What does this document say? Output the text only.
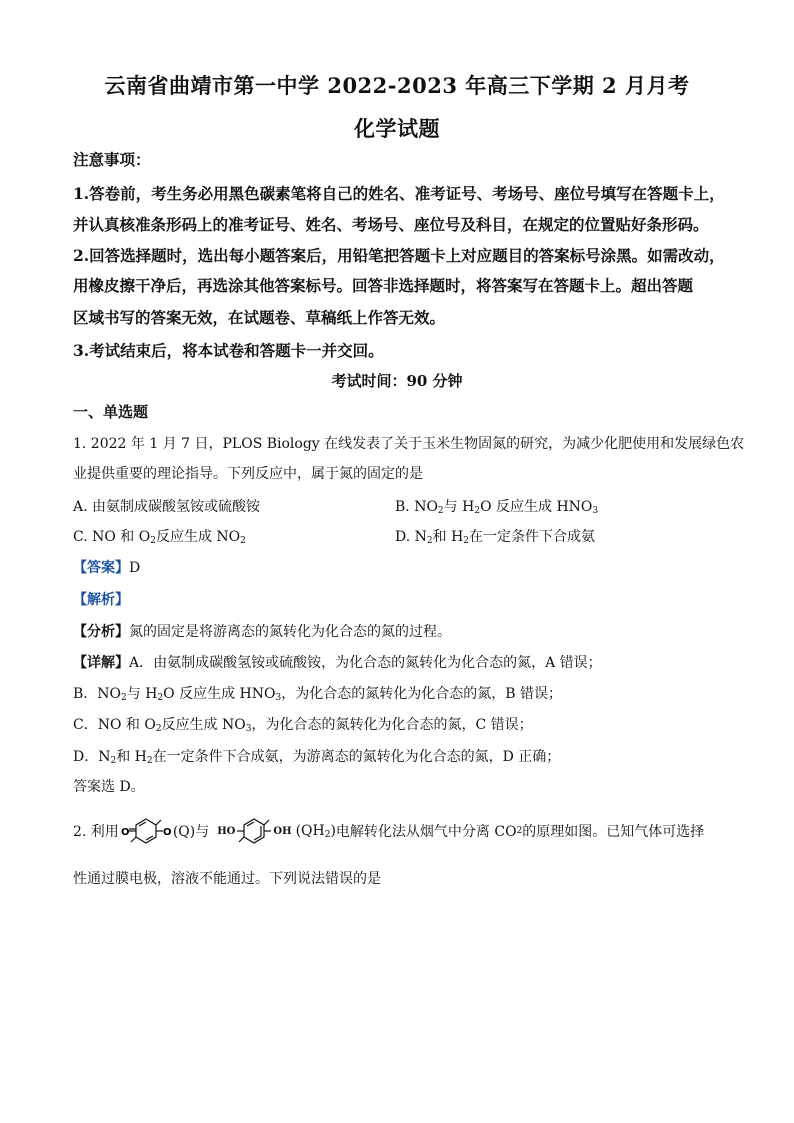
云南省曲靖市第一中学 2022-2023 年高三下学期 2 月月考
化学试题
注意事项：
1.答卷前，考生务必用黑色碳素笔将自己的姓名、准考证号、考场号、座位号填写在答题卡上，
并认真核准条形码上的准考证号、姓名、考场号、座位号及科目，在规定的位置贴好条形码。
2.回答选择题时，选出每小题答案后，用铅笔把答题卡上对应题目的答案标号涂黑。如需改动，
用橡皮擦干净后，再选涂其他答案标号。回答非选择题时，将答案写在答题卡上。超出答题
区域书写的答案无效，在试题卷、草稿纸上作答无效。
3.考试结束后，将本试卷和答题卡一并交回。
考试时间：90 分钟
一、单选题
1. 2022 年 1 月 7 日，PLOS Biology 在线发表了关于玉米生物固氮的研究，为减少化肥使用和发展绿色农
业提供重要的理论指导。下列反应中，属于氮的固定的是
A. 由氨制成碳酸氢铵或硫酸铵	B. $NO_2$与 $H_2O$ 反应生成 $HNO_3$
C. NO 和 $O_2$反应生成 $NO_2$	D. $N_2$和 $H_2$在一定条件下合成氨
【答案】D
【解析】
【分析】氮的固定是将游离态的氮转化为化合态的氮的过程。
【详解】A．由氨制成碳酸氢铵或硫酸铵，为化合态的氮转化为化合态的氮，A 错误；
B．$NO_2$与 $H_2O$ 反应生成 $HNO_3$，为化合态的氮转化为化合态的氮，B 错误；
C．NO 和 $O_2$反应生成 $NO_3$，为化合态的氮转化为化合态的氮，C 错误；
D．$N_2$和 $H_2$在一定条件下合成氨，为游离态的氮转化为化合态的氮，D 正确；
答案选 D。
2. 利用 O	O (Q)与 HO	OH $(QH_2)$ 电解转化法从烟气中分离 CO 2 的原理如图。已知气体可选择
性通过膜电极，溶液不能通过。下列说法错误的是
